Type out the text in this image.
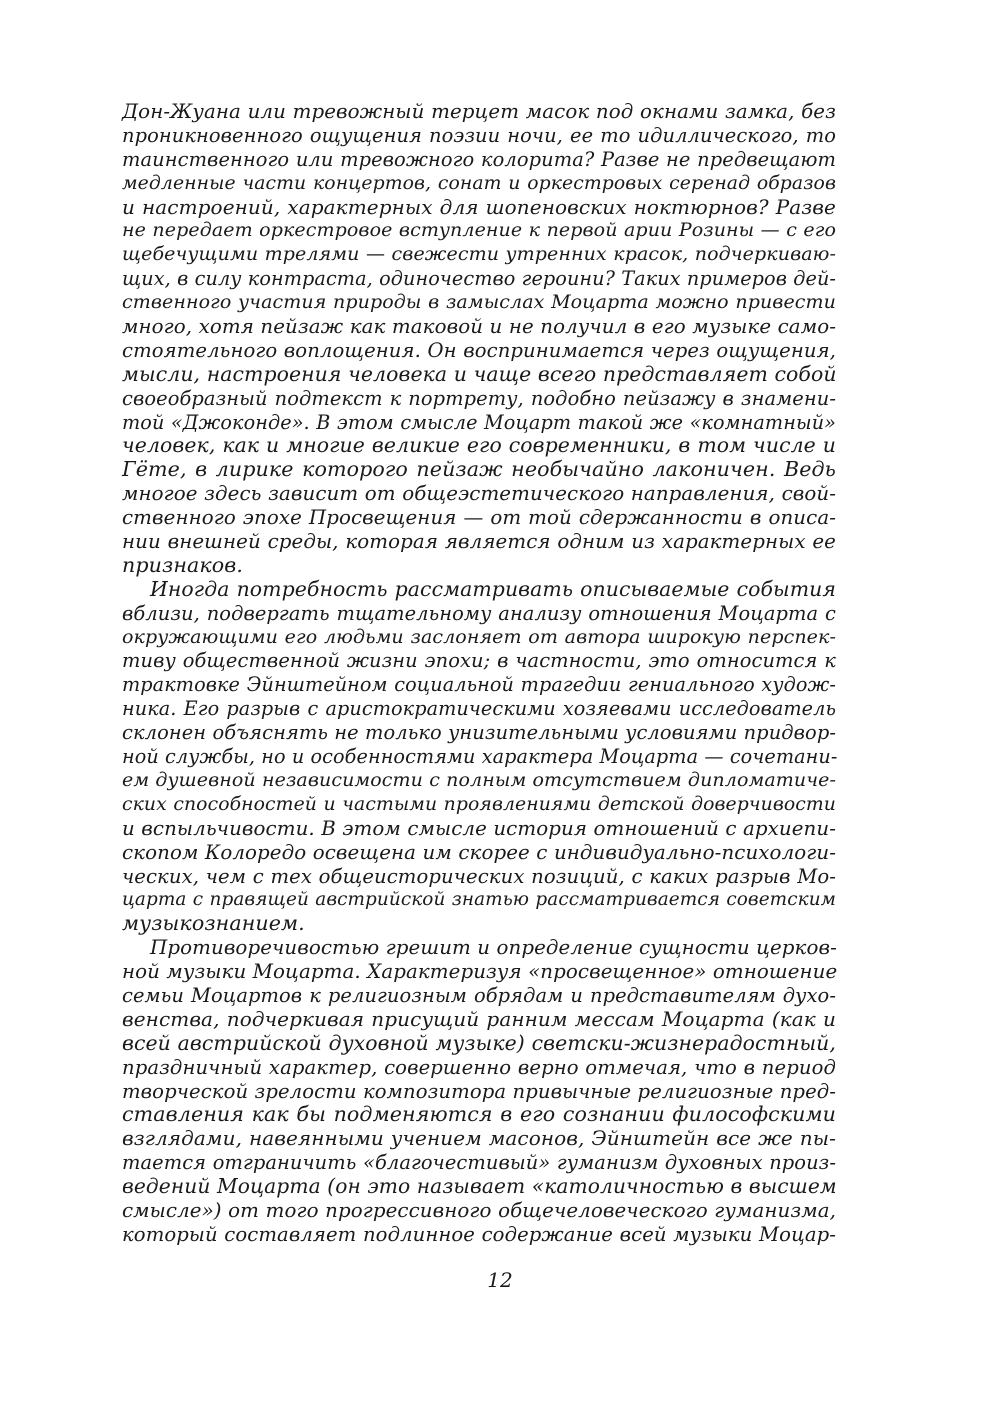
Дон-Жуана или тревожный терцет масок под окнами замка, без
проникновенного ощущения поэзии ночи, ее то идиллического, то
таинственного или тревожного колорита? Разве не предвещают
медленные части концертов, сонат и оркестровых серенад образов
и настроений, характерных для шопеновских ноктюрнов? Разве
не передает оркестровое вступление к первой арии Розины — с его
щебечущими трелями — свежести утренних красок, подчеркиваю-
щих, в силу контраста, одиночество героини? Таких примеров дей-
ственного участия природы в замыслах Моцарта можно привести
много, хотя пейзаж как таковой и не получил в его музыке само-
стоятельного воплощения. Он воспринимается через ощущения,
мысли, настроения человека и чаще всего представляет собой
своеобразный подтекст к портрету, подобно пейзажу в знамени-
той «Джоконде». В этом смысле Моцарт такой же «комнатный»
человек, как и многие великие его современники, в том числе и
Гёте, в лирике которого пейзаж необычайно лаконичен. Ведь
многое здесь зависит от общеэстетического направления, свой-
ственного эпохе Просвещения — от той сдержанности в описа-
нии внешней среды, которая является одним из характерных ее
признаков.
Иногда потребность рассматривать описываемые события
вблизи, подвергать тщательному анализу отношения Моцарта с
окружающими его людьми заслоняет от автора широкую перспек-
тиву общественной жизни эпохи; в частности, это относится к
трактовке Эйнштейном социальной трагедии гениального худож-
ника. Его разрыв с аристократическими хозяевами исследователь
склонен объяснять не только унизительными условиями придвор-
ной службы, но и особенностями характера Моцарта — сочетани-
ем душевной независимости с полным отсутствием дипломатиче-
ских способностей и частыми проявлениями детской доверчивости
и вспыльчивости. В этом смысле история отношений с архиепи-
скопом Колоредо освещена им скорее с индивидуально-психологи-
ческих, чем с тех общеисторических позиций, с каких разрыв Мо-
царта с правящей австрийской знатью рассматривается советским
музыкознанием.
Противоречивостью грешит и определение сущности церков-
ной музыки Моцарта. Характеризуя «просвещенное» отношение
семьи Моцартов к религиозным обрядам и представителям духо-
венства, подчеркивая присущий ранним мессам Моцарта (как и
всей австрийской духовной музыке) светски-жизнерадостный,
праздничный характер, совершенно верно отмечая, что в период
творческой зрелости композитора привычные религиозные пред-
ставления как бы подменяются в его сознании философскими
взглядами, навеянными учением масонов, Эйнштейн все же пы-
тается отграничить «благочестивый» гуманизм духовных произ-
ведений Моцарта (он это называет «католичностью в высшем
смысле») от того прогрессивного общечеловеческого гуманизма,
который составляет подлинное содержание всей музыки Моцар-
12
